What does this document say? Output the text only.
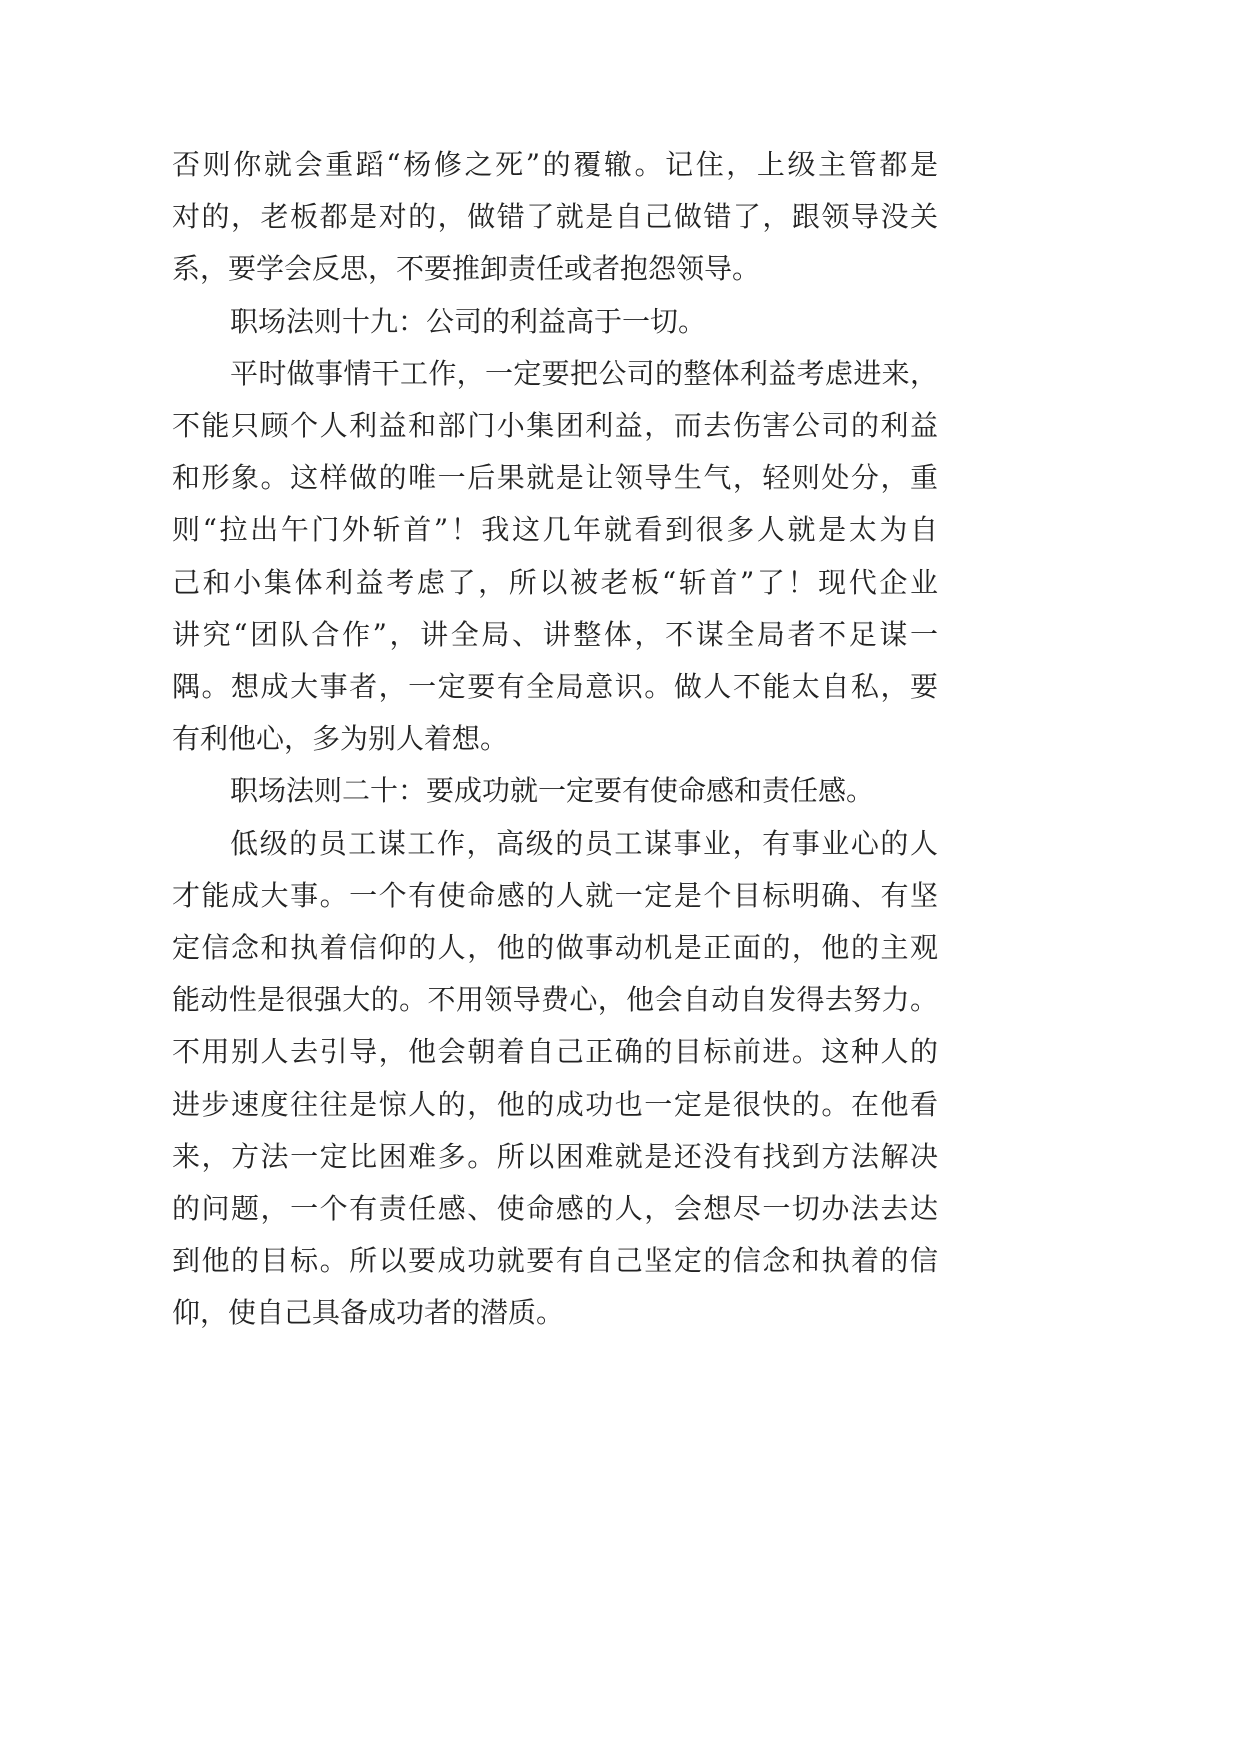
否则你就会重蹈“杨修之死”的覆辙。记住，上级主管都是
对的，老板都是对的，做错了就是自己做错了，跟领导没关
系，要学会反思，不要推卸责任或者抱怨领导。
职场法则十九：公司的利益高于一切。
平时做事情干工作，一定要把公司的整体利益考虑进来，
不能只顾个人利益和部门小集团利益，而去伤害公司的利益
和形象。这样做的唯一后果就是让领导生气，轻则处分，重
则“拉出午门外斩首”！我这几年就看到很多人就是太为自
己和小集体利益考虑了，所以被老板“斩首”了！现代企业
讲究“团队合作”，讲全局、讲整体，不谋全局者不足谋一
隅。想成大事者，一定要有全局意识。做人不能太自私，要
有利他心，多为别人着想。
职场法则二十：要成功就一定要有使命感和责任感。
低级的员工谋工作，高级的员工谋事业，有事业心的人
才能成大事。一个有使命感的人就一定是个目标明确、有坚
定信念和执着信仰的人，他的做事动机是正面的，他的主观
能动性是很强大的。不用领导费心，他会自动自发得去努力。
不用别人去引导，他会朝着自己正确的目标前进。这种人的
进步速度往往是惊人的，他的成功也一定是很快的。在他看
来，方法一定比困难多。所以困难就是还没有找到方法解决
的问题，一个有责任感、使命感的人，会想尽一切办法去达
到他的目标。所以要成功就要有自己坚定的信念和执着的信
仰，使自己具备成功者的潜质。
